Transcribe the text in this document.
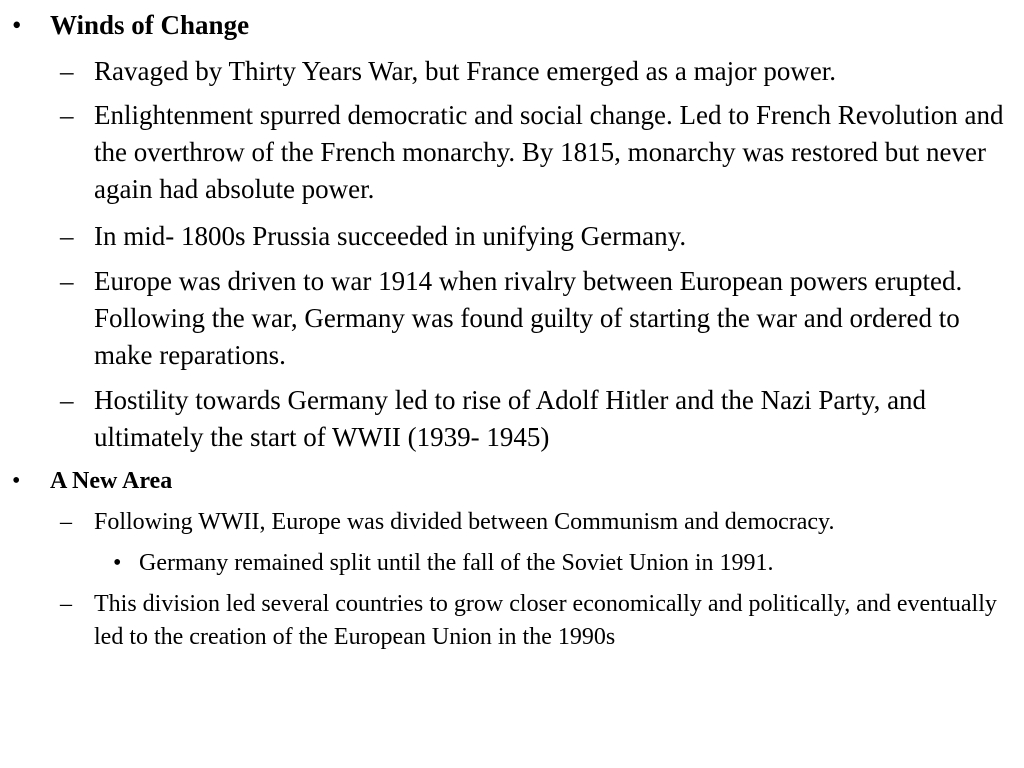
•	Winds of Change
– Ravaged by Thirty Years War, but France emerged as a major power.
– Enlightenment spurred democratic and social change. Led to French Revolution and the overthrow of the French monarchy. By 1815, monarchy was restored but never again had absolute power.
– In mid- 1800s Prussia succeeded in unifying Germany.
– Europe was driven to war 1914 when rivalry between European powers erupted. Following the war, Germany was found guilty of starting the war and ordered to make reparations.
– Hostility towards Germany led to rise of Adolf Hitler and the Nazi Party, and ultimately the start of WWII (1939- 1945)
•	A New Area
– Following WWII, Europe was divided between Communism and democracy.
• Germany remained split until the fall of the Soviet Union in 1991.
– This division led several countries to grow closer economically and politically, and eventually led to the creation of the European Union in the 1990s
